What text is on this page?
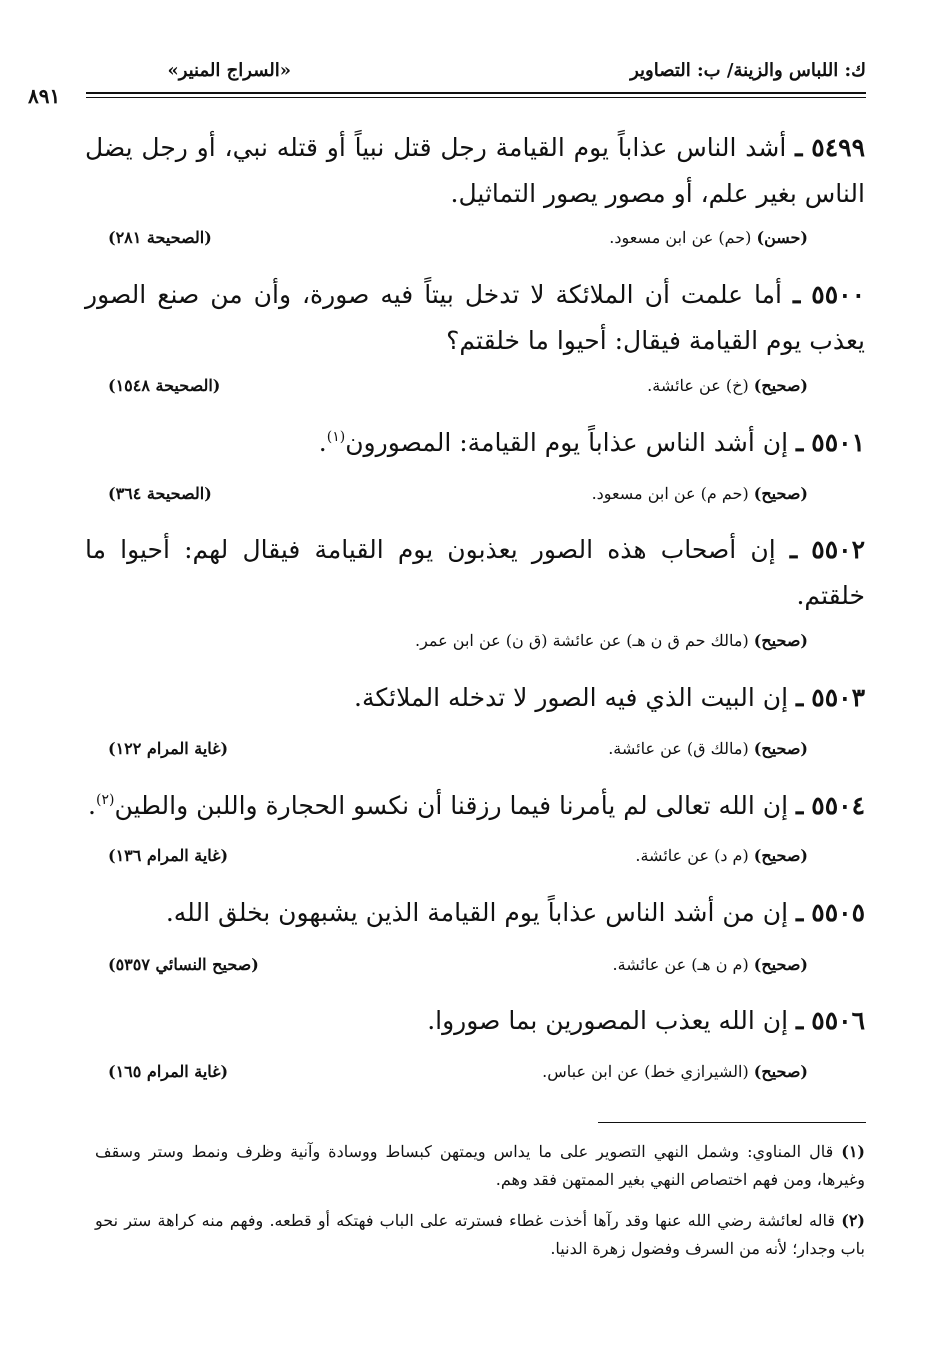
ك: اللباس والزينة/ ب: التصاوير
«السراج المنير»
٨٩١
٥٤٩٩ ـ أشد الناس عذاباً يوم القيامة رجل قتل نبياً أو قتله نبي، أو رجل يضل الناس بغير علم، أو مصور يصور التماثيل.
(حسن) (حم) عن ابن مسعود.
(الصحيحة ٢٨١)
٥٥٠٠ ـ أما علمت أن الملائكة لا تدخل بيتاً فيه صورة، وأن من صنع الصور يعذب يوم القيامة فيقال: أحيوا ما خلقتم؟
(صحيح) (خ) عن عائشة.
(الصحيحة ١٥٤٨)
٥٥٠١ ـ إن أشد الناس عذاباً يوم القيامة: المصورون$^{(١)}$.
(صحيح) (حم م) عن ابن مسعود.
(الصحيحة ٣٦٤)
٥٥٠٢ ـ إن أصحاب هذه الصور يعذبون يوم القيامة فيقال لهم: أحيوا ما خلقتم.
(صحيح) (مالك حم ق ن هـ) عن عائشة (ق ن) عن ابن عمر.
٥٥٠٣ ـ إن البيت الذي فيه الصور لا تدخله الملائكة.
(صحيح) (مالك ق) عن عائشة.
(غاية المرام ١٢٢)
٥٥٠٤ ـ إن الله تعالى لم يأمرنا فيما رزقنا أن نكسو الحجارة واللبن والطين$^{(٢)}$.
(صحيح) (م د) عن عائشة.
(غاية المرام ١٣٦)
٥٥٠٥ ـ إن من أشد الناس عذاباً يوم القيامة الذين يشبهون بخلق الله.
(صحيح) (م ن هـ) عن عائشة.
(صحيح النسائي ٥٣٥٧)
٥٥٠٦ ـ إن الله يعذب المصورين بما صوروا.
(صحيح) (الشيرازي خط) عن ابن عباس.
(غاية المرام ١٦٥)
(١) قال المناوي: وشمل النهي التصوير على ما يداس ويمتهن كبساط ووسادة وآنية وظرف ونمط وستر وسقف وغيرها، ومن فهم اختصاص النهي بغير الممتهن فقد وهم.
(٢) قاله لعائشة رضي الله عنها وقد رآها أخذت غطاء فسترته على الباب فهتكه أو قطعه. وفهم منه كراهة ستر نحو باب وجدار؛ لأنه من السرف وفضول زهرة الدنيا.
